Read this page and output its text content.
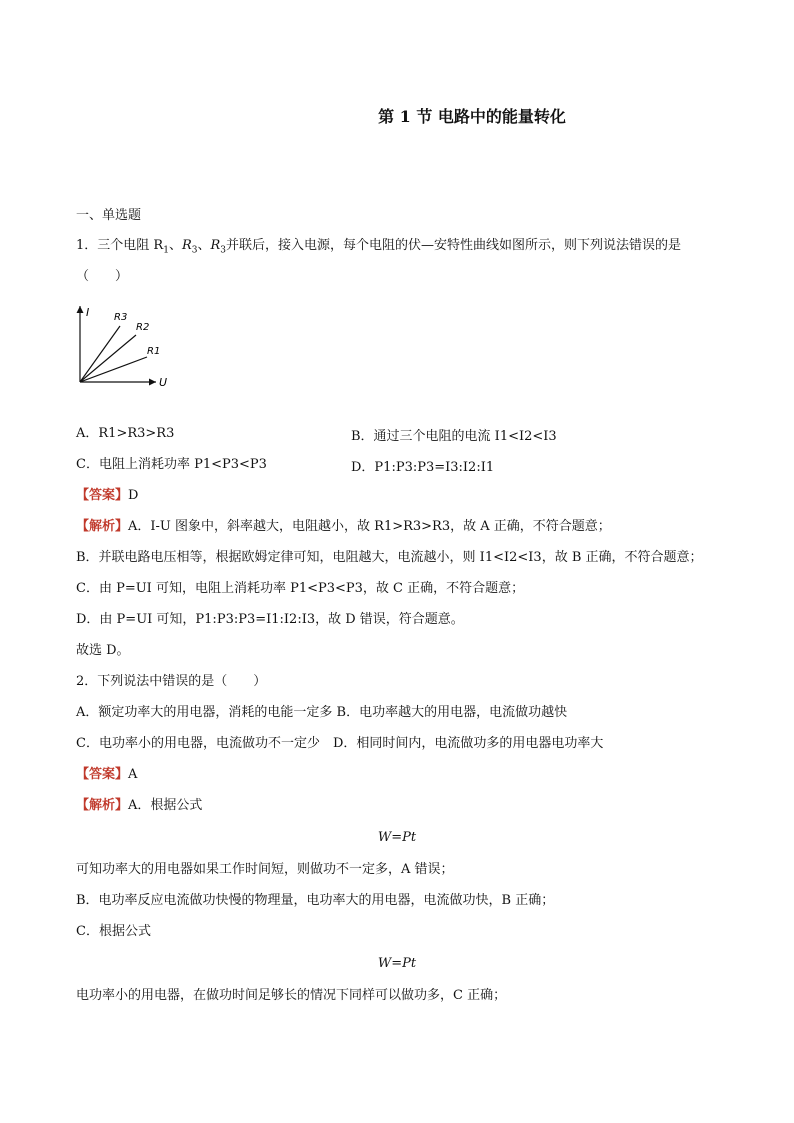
第 1 节 电路中的能量转化
一、单选题
1．三个电阻 $R_1$、$R_3$、$R_3$并联后，接入电源，每个电阻的伏—安特性曲线如图所示，则下列说法错误的是
（　　）
I R3
R2
R1
U
A．R1>R3>R3	B．通过三个电阻的电流 I1<I2<I3
C．电阻上消耗功率 P1<P3<P3	D．P1:P3:P3=I3:I2:I1
【答案】D
【解析】A．I-U 图象中，斜率越大，电阻越小，故 R1>R3>R3，故 A 正确，不符合题意；
B．并联电路电压相等，根据欧姆定律可知，电阻越大，电流越小，则 I1<I2<I3，故 B 正确，不符合题意；
C．由 P=UI 可知，电阻上消耗功率 P1<P3<P3，故 C 正确，不符合题意；
D．由 P=UI 可知，P1:P3:P3=I1:I2:I3，故 D 错误，符合题意。
故选 D。
2．下列说法中错误的是（　　）
A．额定功率大的用电器，消耗的电能一定多 B．电功率越大的用电器，电流做功越快
C．电功率小的用电器，电流做功不一定少　D．相同时间内，电流做功多的用电器电功率大
【答案】A
【解析】A．根据公式
W=Pt
可知功率大的用电器如果工作时间短，则做功不一定多，A 错误；
B．电功率反应电流做功快慢的物理量，电功率大的用电器，电流做功快，B 正确；
C．根据公式
W=Pt
电功率小的用电器，在做功时间足够长的情况下同样可以做功多，C 正确；
